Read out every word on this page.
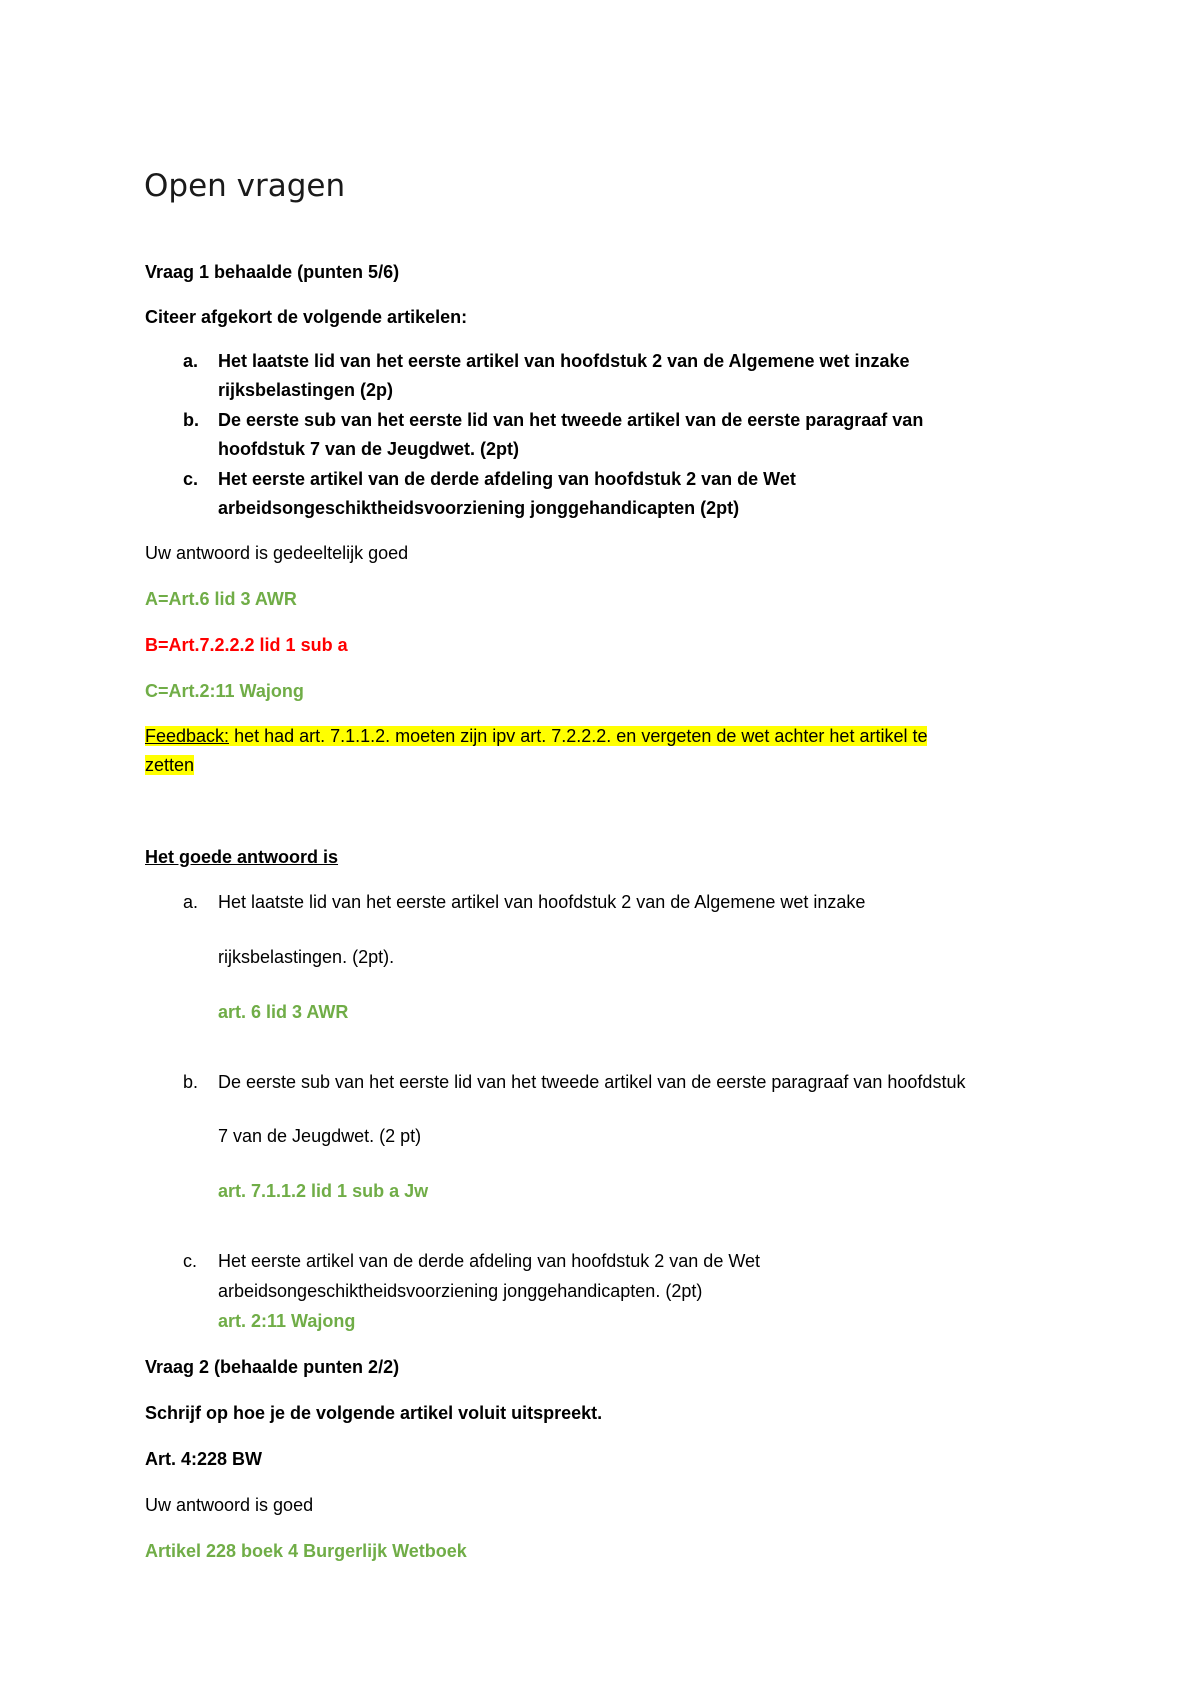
Open vragen
Vraag 1 behaalde (punten 5/6)
Citeer afgekort de volgende artikelen:
a. Het laatste lid van het eerste artikel van hoofdstuk 2 van de Algemene wet inzake
rijksbelastingen (2p)
b. De eerste sub van het eerste lid van het tweede artikel van de eerste paragraaf van
hoofdstuk 7 van de Jeugdwet. (2pt)
c. Het eerste artikel van de derde afdeling van hoofdstuk 2 van de Wet
arbeidsongeschiktheidsvoorziening jonggehandicapten (2pt)
Uw antwoord is gedeeltelijk goed
A=Art.6 lid 3 AWR
B=Art.7.2.2.2 lid 1 sub a
C=Art.2:11 Wajong
Feedback: het had art. 7.1.1.2. moeten zijn ipv art. 7.2.2.2. en vergeten de wet achter het artikel te
zetten
Het goede antwoord is
a. Het laatste lid van het eerste artikel van hoofdstuk 2 van de Algemene wet inzake
rijksbelastingen. (2pt).
art. 6 lid 3 AWR
b. De eerste sub van het eerste lid van het tweede artikel van de eerste paragraaf van hoofdstuk
7 van de Jeugdwet. (2 pt)
art. 7.1.1.2 lid 1 sub a Jw
c. Het eerste artikel van de derde afdeling van hoofdstuk 2 van de Wet
arbeidsongeschiktheidsvoorziening jonggehandicapten. (2pt)
art. 2:11 Wajong
Vraag 2 (behaalde punten 2/2)
Schrijf op hoe je de volgende artikel voluit uitspreekt.
Art. 4:228 BW
Uw antwoord is goed
Artikel 228 boek 4 Burgerlijk Wetboek
